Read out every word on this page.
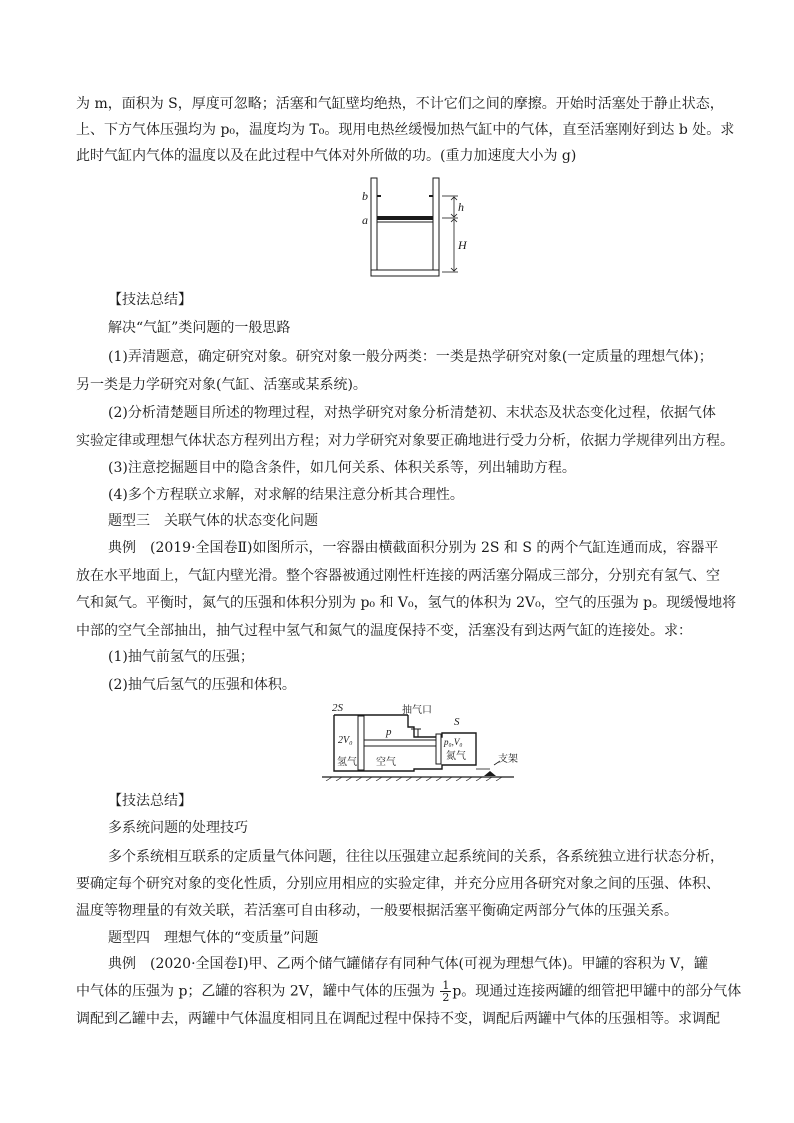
为 m，面积为 S，厚度可忽略；活塞和气缸壁均绝热，不计它们之间的摩擦。开始时活塞处于静止状态，
上、下方气体压强均为 p₀，温度均为 T₀。现用电热丝缓慢加热气缸中的气体，直至活塞刚好到达 b 处。求
此时气缸内气体的温度以及在此过程中气体对外所做的功。(重力加速度大小为 g)
b
a
h
H
【技法总结】
解决“气缸”类问题的一般思路
(1)弄清题意，确定研究对象。研究对象一般分两类：一类是热学研究对象(一定质量的理想气体)；
另一类是力学研究对象(气缸、活塞或某系统)。
(2)分析清楚题目所述的物理过程，对热学研究对象分析清楚初、末状态及状态变化过程，依据气体
实验定律或理想气体状态方程列出方程；对力学研究对象要正确地进行受力分析，依据力学规律列出方程。
(3)注意挖掘题目中的隐含条件，如几何关系、体积关系等，列出辅助方程。
(4)多个方程联立求解，对求解的结果注意分析其合理性。
题型三　关联气体的状态变化问题
典例　(2019·全国卷Ⅱ)如图所示，一容器由横截面积分别为 2S 和 S 的两个气缸连通而成，容器平
放在水平地面上，气缸内壁光滑。整个容器被通过刚性杆连接的两活塞分隔成三部分，分别充有氢气、空
气和氮气。平衡时，氮气的压强和体积分别为 p₀ 和 V₀，氢气的体积为 2V₀，空气的压强为 p。现缓慢地将
中部的空气全部抽出，抽气过程中氢气和氮气的温度保持不变，活塞没有到达两气缸的连接处。求：
(1)抽气前氢气的压强；
(2)抽气后氢气的压强和体积。
2S
2V₀
氢气
p
空气
抽气口
S
p₀,V₀
氮气	支架
【技法总结】
多系统问题的处理技巧
多个系统相互联系的定质量气体问题，往往以压强建立起系统间的关系，各系统独立进行状态分析，
要确定每个研究对象的变化性质，分别应用相应的实验定律，并充分应用各研究对象之间的压强、体积、
温度等物理量的有效关联，若活塞可自由移动，一般要根据活塞平衡确定两部分气体的压强关系。
题型四　理想气体的“变质量”问题
典例　(2020·全国卷Ⅰ)甲、乙两个储气罐储存有同种气体(可视为理想气体)。甲罐的容积为 V，罐
中气体的压强为 p；乙罐的容积为 2V，罐中气体的压强为 $\frac{1}{2}$ p。现通过连接两罐的细管把甲罐中的部分气体
调配到乙罐中去，两罐中气体温度相同且在调配过程中保持不变，调配后两罐中气体的压强相等。求调配
